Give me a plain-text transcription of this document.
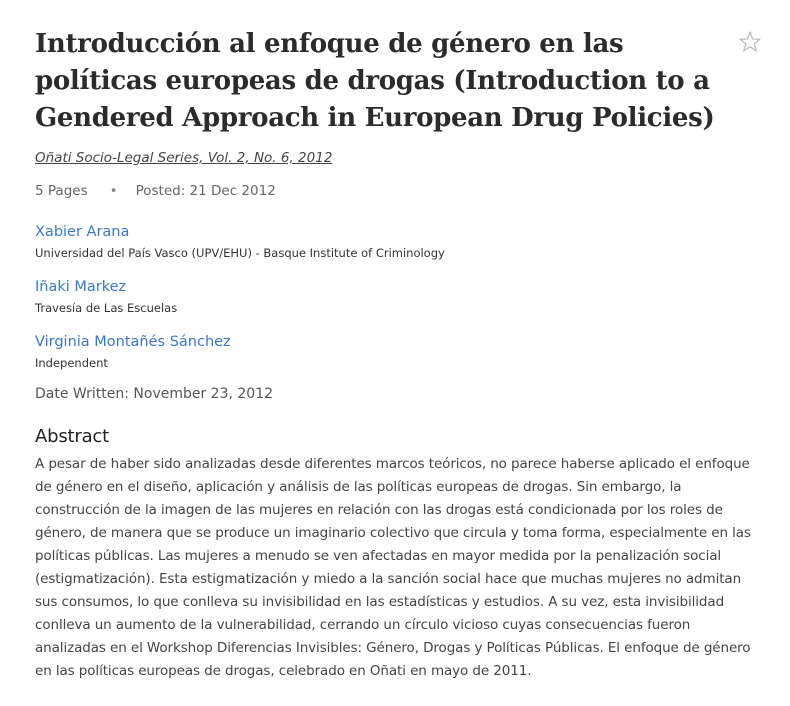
Introducción al enfoque de género en las políticas europeas de drogas (Introduction to a Gendered Approach in European Drug Policies)
Oñati Socio-Legal Series, Vol. 2, No. 6, 2012
5 Pages • Posted: 21 Dec 2012
Xabier Arana
Universidad del País Vasco (UPV/EHU) - Basque Institute of Criminology
Iñaki Markez
Travesía de Las Escuelas
Virginia Montañés Sánchez
Independent
Date Written: November 23, 2012
Abstract

A pesar de haber sido analizadas desde diferentes marcos teóricos, no parece haberse aplicado el enfoque de género en el diseño, aplicación y análisis de las políticas europeas de drogas. Sin embargo, la construcción de la imagen de las mujeres en relación con las drogas está condicionada por los roles de género, de manera que se produce un imaginario colectivo que circula y toma forma, especialmente en las políticas públicas. Las mujeres a menudo se ven afectadas en mayor medida por la penalización social (estigmatización). Esta estigmatización y miedo a la sanción social hace que muchas mujeres no admitan sus consumos, lo que conlleva su invisibilidad en las estadísticas y estudios. A su vez, esta invisibilidad conlleva un aumento de la vulnerabilidad, cerrando un círculo vicioso cuyas consecuencias fueron analizadas en el Workshop Diferencias Invisibles: Género, Drogas y Políticas Públicas. El enfoque de género en las políticas europeas de drogas, celebrado en Oñati en mayo de 2011.
